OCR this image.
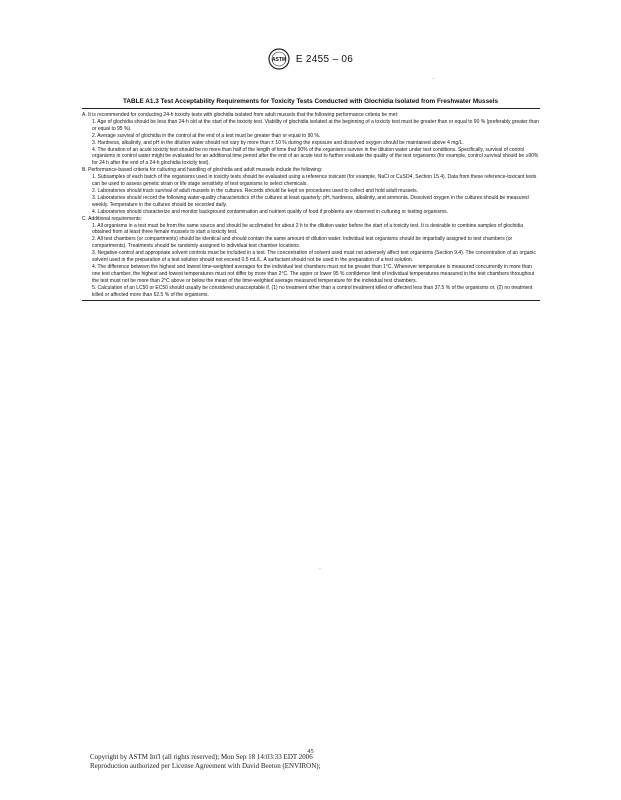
ASTM E 2455 – 06
·
·
TABLE A1.3 Test Acceptability Requirements for Toxicity Tests Conducted with Glochidia Isolated from Freshwater Mussels

A. It is recommended for conducting 24-h toxicity tests with glochidia isolated from adult mussels that the following performance criteria be met:

1. Age of glochidia should be less than 24-h old at the start of the toxicity test. Viability of glochidia isolated at the beginning of a toxicity test must be greater than or equal to 90 % (preferably greater than or equal to 95 %).

2. Average survival of glochidia in the control at the end of a test must be greater than or equal to 90 %.

3. Hardness, alkalinity, and pH in the dilution water should not vary by more than ± 10 % during the exposure and dissolved oxygen should be maintained above 4 mg/L.

4. The duration of an acute toxicity test should be no more than half of the length of time that 90% of the organisms survive in the dilution water under test conditions. Specifically, survival of control organisms in control water might be evaluated for an additional time period after the end of an acute test to further evaluate the quality of the test organisms (for example, control survival should be ≥90% for 24 h after the end of a 24-h glochidia toxicity test).

B. Performance-based criteria for culturing and handling of glochidia and adult mussels include the following:

1. Subsamples of each batch of the organisms used in toxicity tests should be evaluated using a reference toxicant (for example, NaCl or CuSO4, Section 15.4). Data from these reference-toxicant tests can be used to assess genetic strain or life stage sensitivity of test organisms to select chemicals.

2. Laboratories should track survival of adult mussels in the cultures. Records should be kept on procedures used to collect and hold adult mussels.

3. Laboratories should record the following water-quality characteristics of the cultures at least quarterly: pH, hardness, alkalinity, and ammonia. Dissolved oxygen in the cultures should be measured weekly. Temperature in the cultures should be recorded daily.

4. Laboratories should characterize and monitor background contamination and nutrient quality of food if problems are observed in culturing or testing organisms.

C. Additional requirements:

1. All organisms in a test must be from the same source and should be acclimated for about 2 h to the dilution water before the start of a toxicity test. It is desirable to combine samples of glochidia obtained from at least three female mussels to start a toxicity test.

2. All test chambers (or compartments) should be identical and should contain the same amount of dilution water. Individual test organisms should be impartially assigned to test chambers (or compartments). Treatments should be randomly assigned to individual test chamber locations.

3. Negative-control and appropriate solvent controls must be included in a test. The concentration of solvent used must not adversely affect test organisms (Section 9.4). The concentration of an organic solvent used in the preparation of a test solution should not exceed 0.5 mL/L. A surfactant should not be used in the preparation of a test solution.

4. The difference between the highest and lowest time-weighted averages for the individual test chambers must not be greater than 1°C. Whenever temperature is measured concurrently in more than one test chamber, the highest and lowest temperatures must not differ by more than 2°C. The upper or lower 95 % confidence limit of individual temperatures measured in the test chambers throughout the test must not be more than 2°C above or below the mean of the time-weighted average measured temperature for the individual test chambers.

5. Calculation of an LC50 or EC50 should usually be considered unacceptable if, (1) no treatment other than a control treatment killed or affected less than 37.5 % of the organisms or, (2) no treatment killed or affected more than 62.5 % of the organisms.

45
Copyright by ASTM Int'l (all rights reserved); Mon Sep 18 14:03:33 EDT 2006
Reproduction authorized per License Agreement with David Beeton (ENVIRON);
